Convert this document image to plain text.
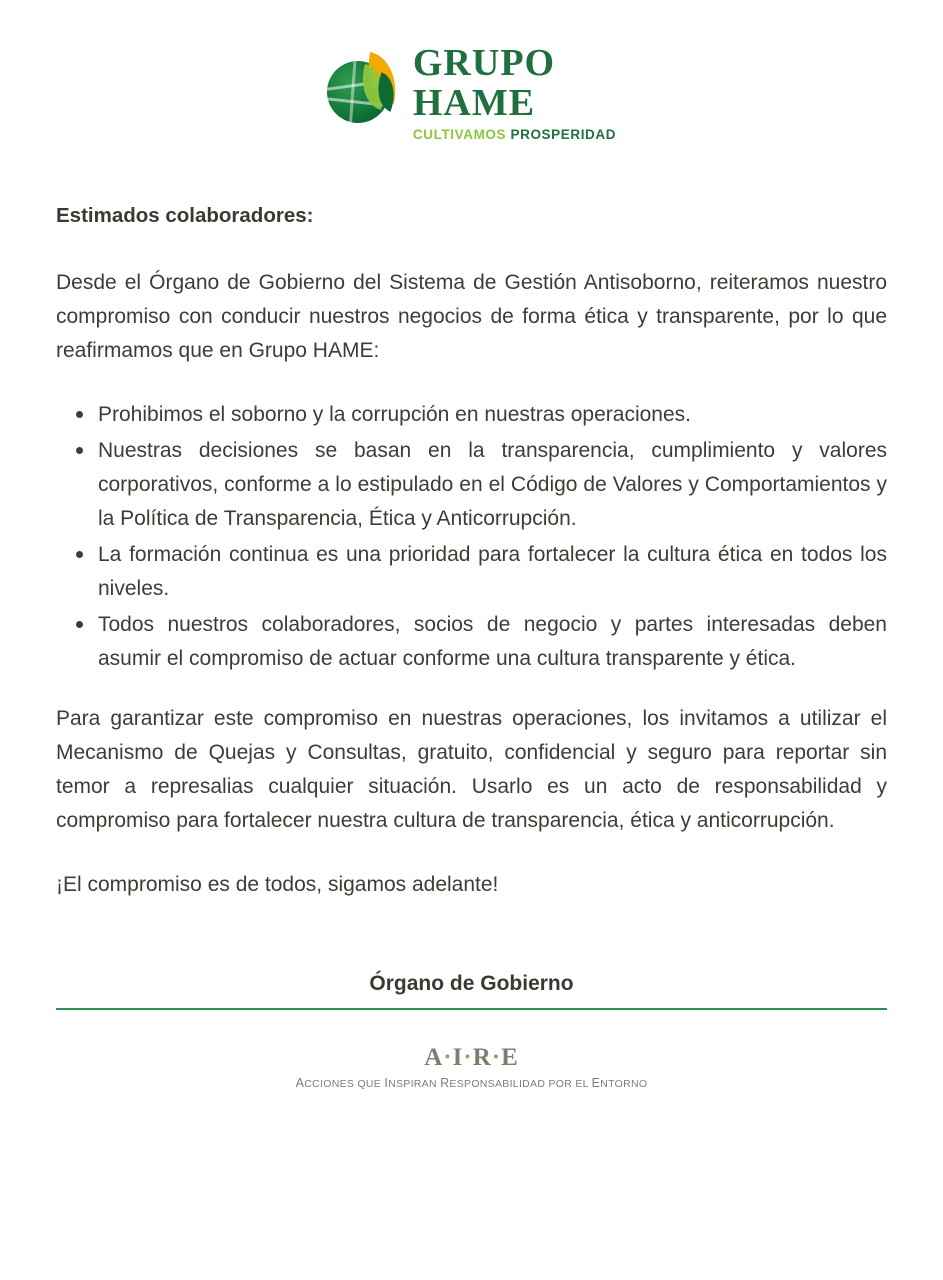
GRUPO
HAME
CULTIVAMOS PROSPERIDAD
Estimados colaboradores:

Desde el Órgano de Gobierno del Sistema de Gestión Antisoborno, reiteramos nuestro compromiso con conducir nuestros negocios de forma ética y transparente, por lo que reafirmamos que en Grupo HAME:

Prohibimos el soborno y la corrupción en nuestras operaciones.
Nuestras decisiones se basan en la transparencia, cumplimiento y valores corporativos, conforme a lo estipulado en el Código de Valores y Comportamientos y la Política de Transparencia, Ética y Anticorrupción.
La formación continua es una prioridad para fortalecer la cultura ética en todos los niveles.
Todos nuestros colaboradores, socios de negocio y partes interesadas deben asumir el compromiso de actuar conforme una cultura transparente y ética.

Para garantizar este compromiso en nuestras operaciones, los invitamos a utilizar el Mecanismo de Quejas y Consultas, gratuito, confidencial y seguro para reportar sin temor a represalias cualquier situación. Usarlo es un acto de responsabilidad y compromiso para fortalecer nuestra cultura de transparencia, ética y anticorrupción.

¡El compromiso es de todos, sigamos adelante!

Órgano de Gobierno
A·I·R·E
ACCIONES QUE INSPIRAN RESPONSABILIDAD POR EL ENTORNO
